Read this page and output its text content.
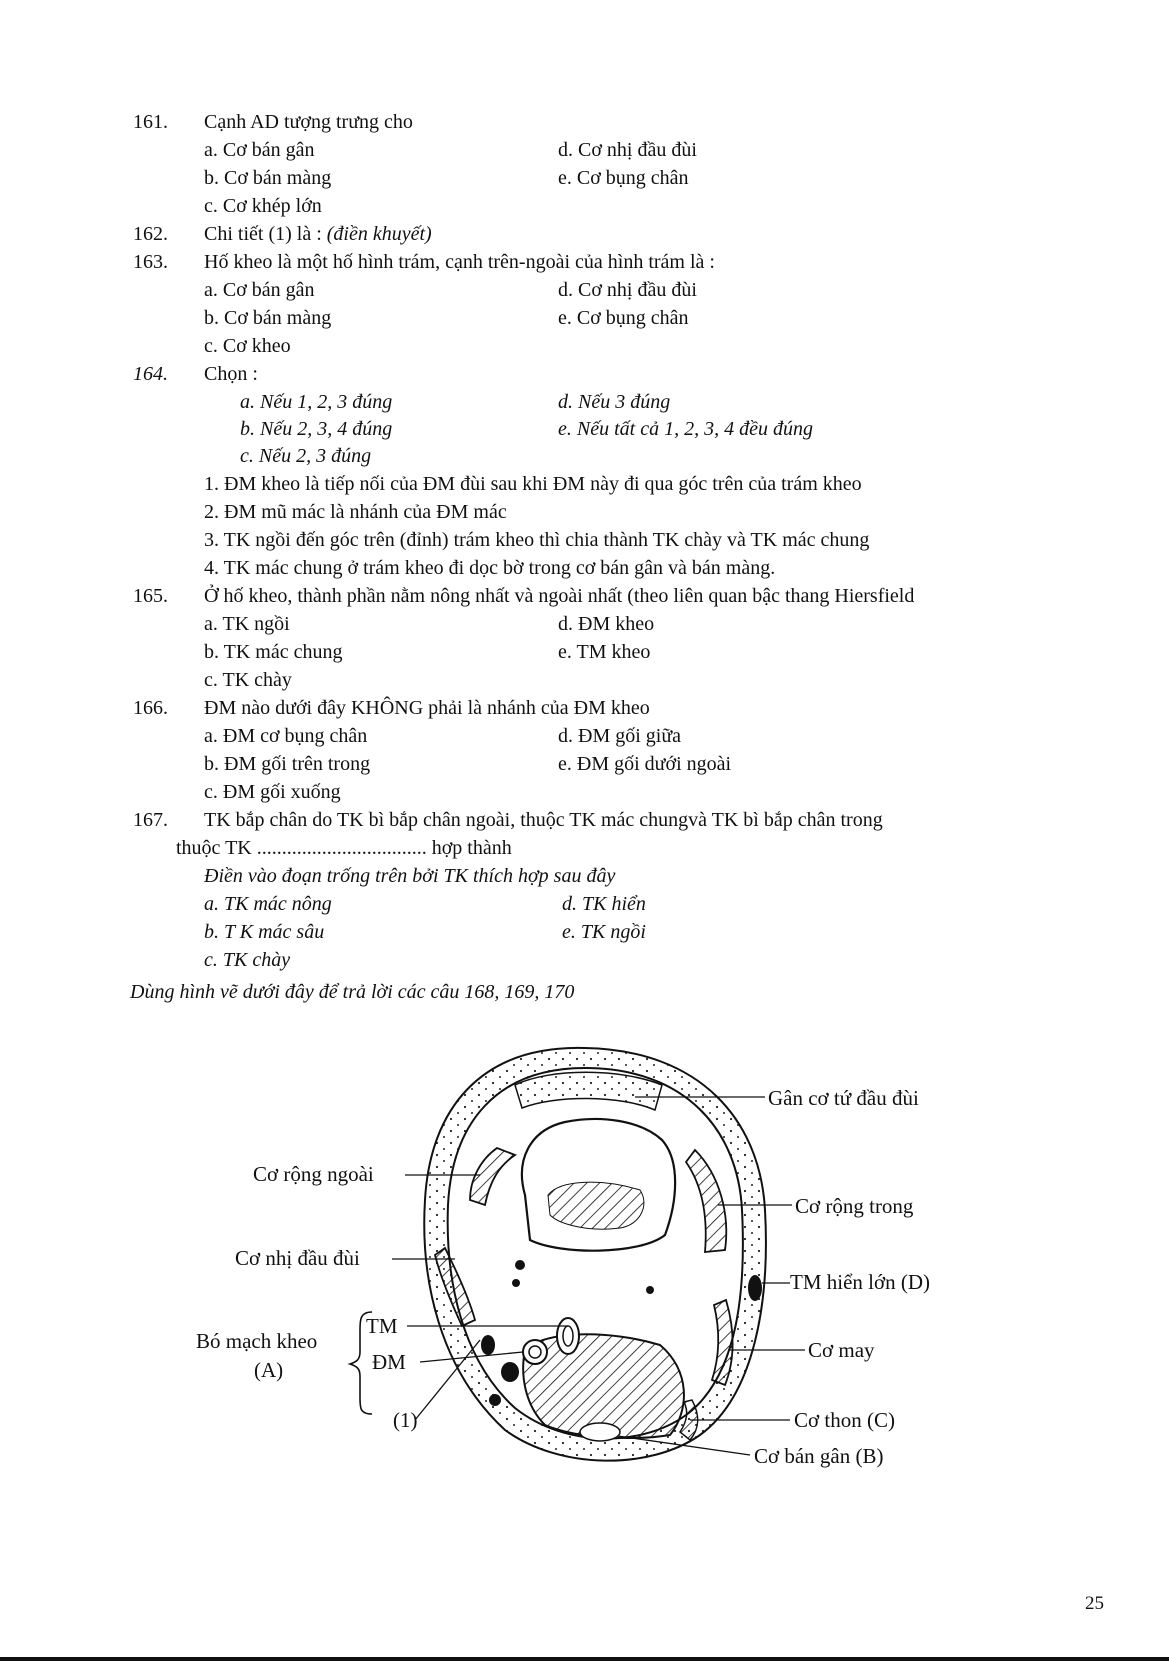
161. Cạnh AD tượng trưng cho
a. Cơ bán gân	d. Cơ nhị đầu đùi
b. Cơ bán màng	e. Cơ bụng chân
c. Cơ khép lớn
162. Chi tiết (1) là : (điền khuyết)
163. Hố kheo là một hố hình trám, cạnh trên-ngoài của hình trám là :
a. Cơ bán gân	d. Cơ nhị đầu đùi
b. Cơ bán màng	e. Cơ bụng chân
c. Cơ kheo
164. Chọn :
a. Nếu 1, 2, 3 đúng	d. Nếu 3 đúng
b. Nếu 2, 3, 4 đúng	e. Nếu tất cả 1, 2, 3, 4 đều đúng
c. Nếu 2, 3 đúng
1. ĐM kheo là tiếp nối của ĐM đùi sau khi ĐM này đi qua góc trên của trám kheo
2. ĐM mũ mác là nhánh của ĐM mác
3. TK ngồi đến góc trên (đỉnh) trám kheo thì chia thành TK chày và TK mác chung
4. TK mác chung ở trám kheo đi dọc bờ trong cơ bán gân và bán màng.
165. Ở hố kheo, thành phần nằm nông nhất và ngoài nhất (theo liên quan bậc thang Hiersfield
a. TK ngồi	d. ĐM kheo
b. TK mác chung	e. TM kheo
c. TK chày
166. ĐM nào dưới đây KHÔNG phải là nhánh của ĐM kheo
a. ĐM cơ bụng chân	d. ĐM gối giữa
b. ĐM gối trên trong	e. ĐM gối dưới ngoài
c. ĐM gối xuống
167. TK bắp chân do TK bì bắp chân ngoài, thuộc TK mác chungvà TK bì bắp chân trong
thuộc TK .................................. hợp thành
Điền vào đoạn trống trên bởi TK thích hợp sau đây
a. TK mác nông	d. TK hiển
b. T K mác sâu	e. TK ngồi
c. TK chày
Dùng hình vẽ dưới đây để trả lời các câu 168, 169, 170
Gân cơ tứ đầu đùi
Cơ rộng ngoài
Cơ rộng trong
Cơ nhị đầu đùi
TM hiển lớn (D)
TM
Bó mạch kheo
(A)	ĐM	Cơ may
(1)	Cơ thon (C)
Cơ bán gân (B)
25
